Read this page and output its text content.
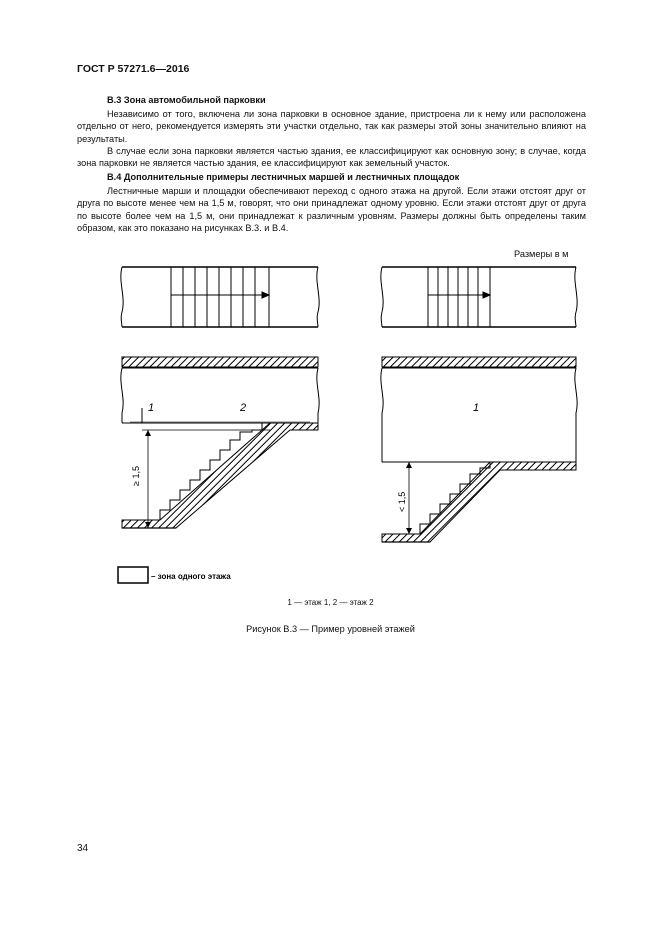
ГОСТ Р 57271.6—2016
В.3 Зона автомобильной парковки

Независимо от того, включена ли зона парковки в основное здание, пристроена ли к нему или расположена отдельно от него, рекомендуется измерять эти участки отдельно, так как размеры этой зоны значительно влияют на результаты.

В случае если зона парковки является частью здания, ее классифицируют как основную зону; в случае, когда зона парковки не является частью здания, ее классифицируют как земельный участок.

В.4 Дополнительные примеры лестничных маршей и лестничных площадок

Лестничные марши и площадки обеспечивают переход с одного этажа на другой. Если этажи отстоят друг от друга по высоте менее чем на 1,5 м, говорят, что они принадлежат одному уровню. Если этажи отстоят друг от друга по высоте более чем на 1,5 м, они принадлежат к различным уровням. Размеры должны быть определены таким образом, как это показано на рисунках В.3. и В.4.

Размеры в м
1	2
≥ 1,5
1
< 1,5
– зона одного этажа
1 — этаж 1, 2 — этаж 2
Рисунок В.3 — Пример уровней этажей
34
